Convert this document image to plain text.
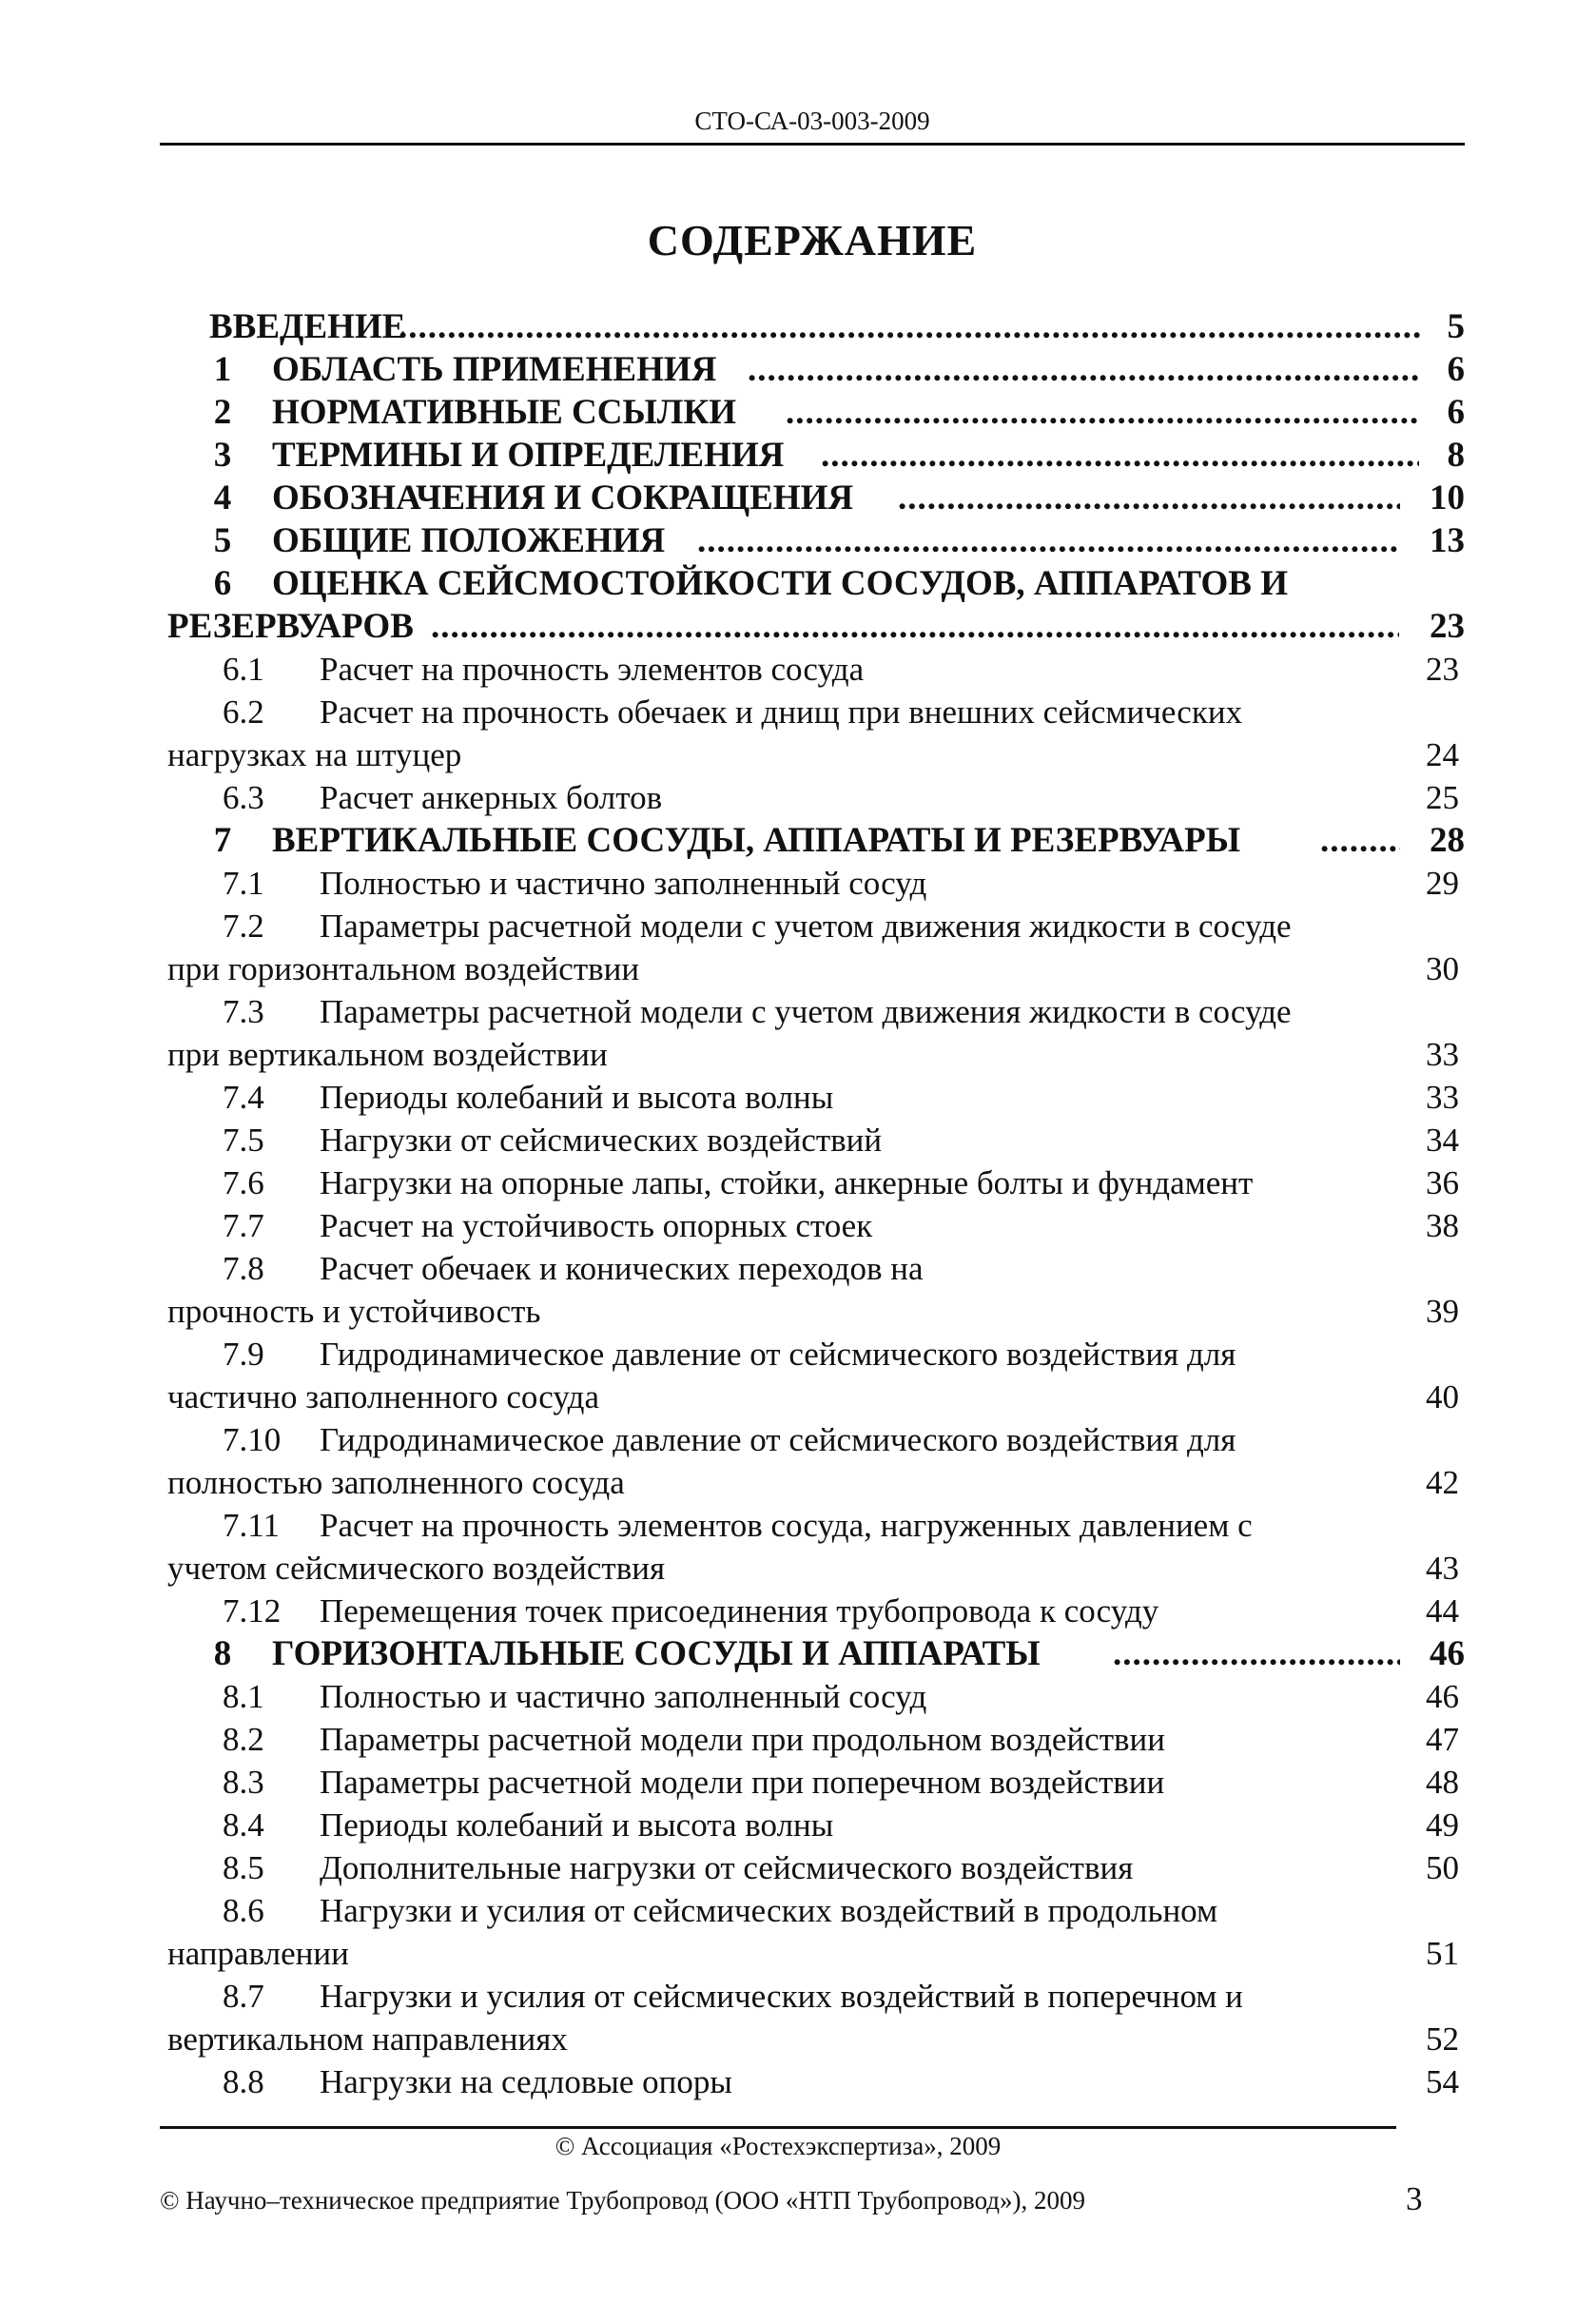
СТО-СА-03-003-2009
СОДЕРЖАНИЕ
ВВЕДЕНИЕ .....	5
1 ОБЛАСТЬ ПРИМЕНЕНИЯ .....	6
2 НОРМАТИВНЫЕ ССЫЛКИ .....	6
3 ТЕРМИНЫ И ОПРЕДЕЛЕНИЯ .....	8
4 ОБОЗНАЧЕНИЯ И СОКРАЩЕНИЯ .....	10
5 ОБЩИЕ ПОЛОЖЕНИЯ .....	13
6 ОЦЕНКА СЕЙСМОСТОЙКОСТИ СОСУДОВ, АППАРАТОВ И
РЕЗЕРВУАРОВ .....	23
6.1	Расчет на прочность элементов сосуда	23
6.2	Расчет на прочность обечаек и днищ при внешних сейсмических
нагрузках на штуцер	24
6.3	Расчет анкерных болтов	25
7 ВЕРТИКАЛЬНЫЕ СОСУДЫ, АППАРАТЫ И РЕЗЕРВУАРЫ .....	28
7.1	Полностью и частично заполненный сосуд	29
7.2	Параметры расчетной модели с учетом движения жидкости в сосуде
при горизонтальном воздействии	30
7.3	Параметры расчетной модели с учетом движения жидкости в сосуде
при вертикальном воздействии	33
7.4	Периоды колебаний и высота волны	33
7.5	Нагрузки от сейсмических воздействий	34
7.6	Нагрузки на опорные лапы, стойки, анкерные болты и фундамент	36
7.7	Расчет на устойчивость опорных стоек	38
7.8	Расчет обечаек и конических переходов на
прочность и устойчивость	39
7.9	Гидродинамическое давление от сейсмического воздействия для
частично заполненного сосуда	40
7.10	Гидродинамическое давление от сейсмического воздействия для
полностью заполненного сосуда	42
7.11	Расчет на прочность элементов сосуда, нагруженных давлением с
учетом сейсмического воздействия	43
7.12	Перемещения точек присоединения трубопровода к сосуду	44
8 ГОРИЗОНТАЛЬНЫЕ СОСУДЫ И АППАРАТЫ .....	46
8.1	Полностью и частично заполненный сосуд	46
8.2	Параметры расчетной модели при продольном воздействии	47
8.3	Параметры расчетной модели при поперечном воздействии	48
8.4	Периоды колебаний и высота волны	49
8.5	Дополнительные нагрузки от сейсмического воздействия	50
8.6	Нагрузки и усилия от сейсмических воздействий в продольном
направлении	51
8.7	Нагрузки и усилия от сейсмических воздействий в поперечном и
вертикальном направлениях	52
8.8	Нагрузки на седловые опоры	54
© Ассоциация «Ростехэкспертиза», 2009
© Научно–техническое предприятие Трубопровод (ООО «НТП Трубопровод»), 2009	3
